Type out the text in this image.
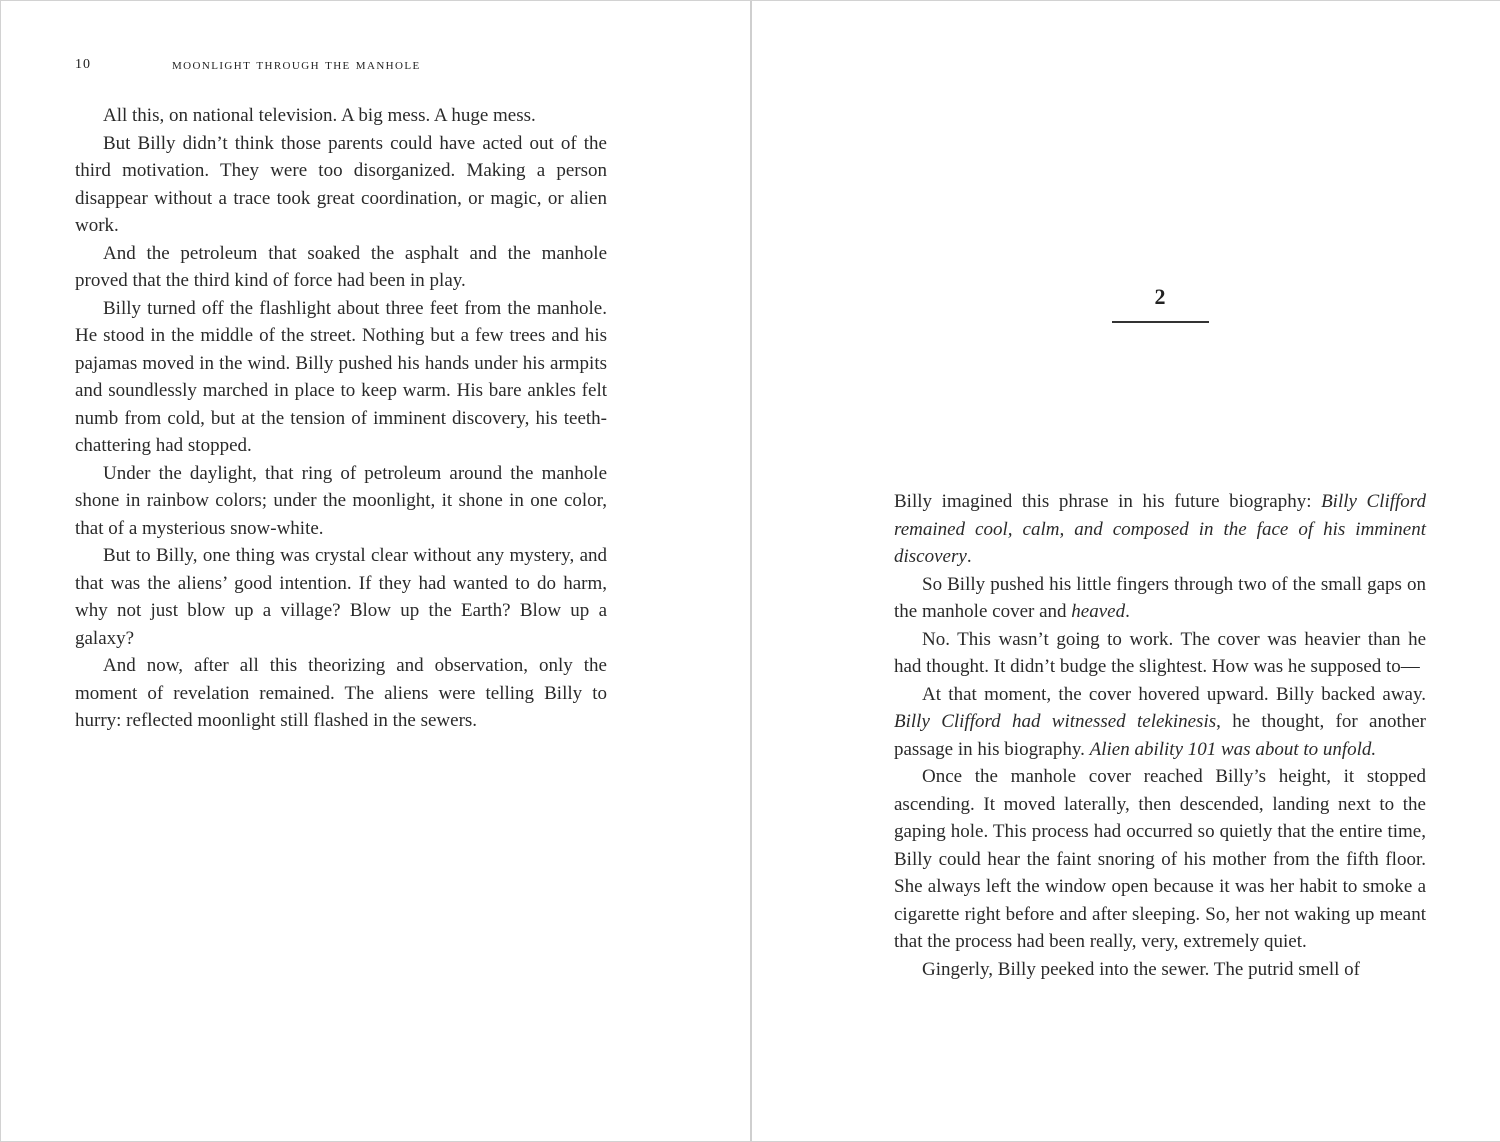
10	moonlight through the manhole

All this, on national television. A big mess. A huge mess.

But Billy didn’t think those parents could have acted out of the third motivation. They were too disorganized. Making a person disappear without a trace took great coordination, or magic, or alien work.

And the petroleum that soaked the asphalt and the manhole proved that the third kind of force had been in play.

Billy turned off the flashlight about three feet from the manhole. He stood in the middle of the street. Nothing but a few trees and his pajamas moved in the wind. Billy pushed his hands under his armpits and soundlessly marched in place to keep warm. His bare ankles felt numb from cold, but at the tension of imminent discovery, his teeth-chattering had stopped.

Under the daylight, that ring of petroleum around the manhole shone in rainbow colors; under the moonlight, it shone in one color, that of a mysterious snow-white.

But to Billy, one thing was crystal clear without any mystery, and that was the aliens’ good intention. If they had wanted to do harm, why not just blow up a village? Blow up the Earth? Blow up a galaxy?

And now, after all this theorizing and observation, only the moment of revelation remained. The aliens were telling Billy to hurry: reflected moonlight still flashed in the sewers.

2

Billy imagined this phrase in his future biography: Billy Clifford remained cool, calm, and composed in the face of his imminent discovery.

So Billy pushed his little fingers through two of the small gaps on the manhole cover and heaved.

No. This wasn’t going to work. The cover was heavier than he had thought. It didn’t budge the slightest. How was he supposed to—

At that moment, the cover hovered upward. Billy backed away. Billy Clifford had witnessed telekinesis, he thought, for another passage in his biography. Alien ability 101 was about to unfold.

Once the manhole cover reached Billy’s height, it stopped ascending. It moved laterally, then descended, landing next to the gaping hole. This process had occurred so quietly that the entire time, Billy could hear the faint snoring of his mother from the fifth floor. She always left the window open because it was her habit to smoke a cigarette right before and after sleeping. So, her not waking up meant that the process had been really, very, extremely quiet.

Gingerly, Billy peeked into the sewer. The putrid smell of
